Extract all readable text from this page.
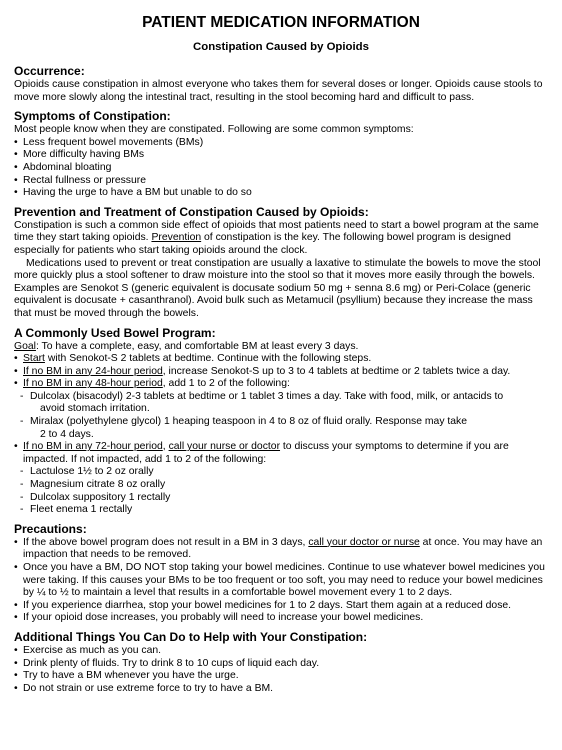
PATIENT MEDICATION INFORMATION
Constipation Caused by Opioids
Occurrence:

Opioids cause constipation in almost everyone who takes them for several doses or longer. Opioids cause stools to move more slowly along the intestinal tract, resulting in the stool becoming hard and difficult to pass.

Symptoms of Constipation:

Most people know when they are constipated. Following are some common symptoms:

• Less frequent bowel movements (BMs)
• More difficulty having BMs
• Abdominal bloating
• Rectal fullness or pressure
• Having the urge to have a BM but unable to do so
Prevention and Treatment of Constipation Caused by Opioids:

Constipation is such a common side effect of opioids that most patients need to start a bowel program at the same time they start taking opioids. Prevention of constipation is the key. The following bowel program is designed especially for patients who start taking opioids around the clock.

Medications used to prevent or treat constipation are usually a laxative to stimulate the bowels to move the stool more quickly plus a stool softener to draw moisture into the stool so that it moves more easily through the bowels. Examples are Senokot S (generic equivalent is docusate sodium 50 mg + senna 8.6 mg) or Peri-Colace (generic equivalent is docusate + casanthranol). Avoid bulk such as Metamucil (psyllium) because they increase the mass that must be moved through the bowels.

A Commonly Used Bowel Program:

Goal: To have a complete, easy, and comfortable BM at least every 3 days.

• Start with Senokot-S 2 tablets at bedtime. Continue with the following steps.
• If no BM in any 24-hour period, increase Senokot-S up to 3 to 4 tablets at bedtime or 2 tablets twice a day.
• If no BM in any 48-hour period, add 1 to 2 of the following:
- Dulcolax (bisacodyl) 2-3 tablets at bedtime or 1 tablet 3 times a day. Take with food, milk, or antacids to
avoid stomach irritation.
- Miralax (polyethylene glycol) 1 heaping teaspoon in 4 to 8 oz of fluid orally. Response may take
2 to 4 days.
• If no BM in any 72-hour period, call your nurse or doctor to discuss your symptoms to determine if you are impacted. If not impacted, add 1 to 2 of the following:
- Lactulose 1½ to 2 oz orally
- Magnesium citrate 8 oz orally
- Dulcolax suppository 1 rectally
- Fleet enema 1 rectally
Precautions:
• If the above bowel program does not result in a BM in 3 days, call your doctor or nurse at once. You may have an impaction that needs to be removed.
• Once you have a BM, DO NOT stop taking your bowel medicines. Continue to use whatever bowel medicines you were taking. If this causes your BMs to be too frequent or too soft, you may need to reduce your bowel medicines by ¼ to ½ to maintain a level that results in a comfortable bowel movement every 1 to 2 days.
• If you experience diarrhea, stop your bowel medicines for 1 to 2 days. Start them again at a reduced dose.
• If your opioid dose increases, you probably will need to increase your bowel medicines.
Additional Things You Can Do to Help with Your Constipation:
• Exercise as much as you can.
• Drink plenty of fluids. Try to drink 8 to 10 cups of liquid each day.
• Try to have a BM whenever you have the urge.
• Do not strain or use extreme force to try to have a BM.
